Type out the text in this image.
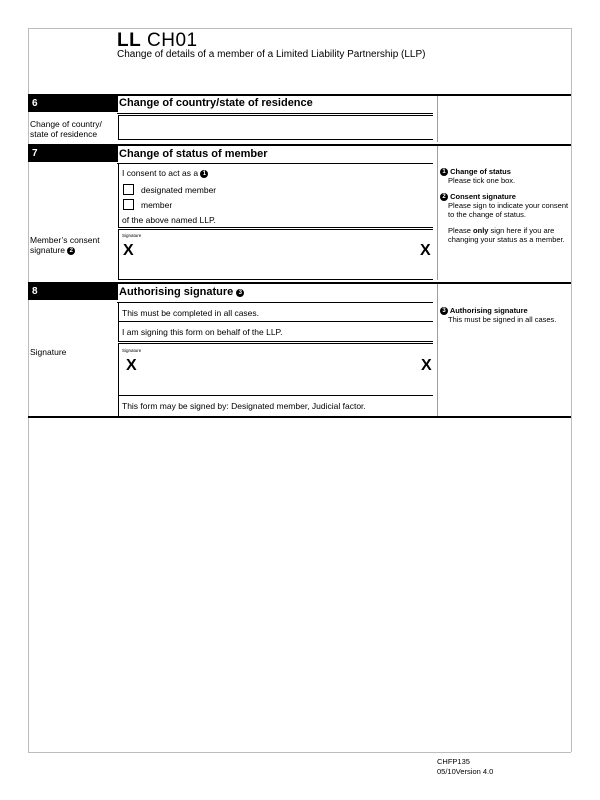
LL CH01
Change of details of a member of a Limited Liability Partnership (LLP)
6	Change of country/state of residence
Change of country/
state of residence
7	Change of status of member
I consent to act as a 1
designated member
member
of the above named LLP.
Member’s consent
signature 2
Signature
X	X
1 Change of status
Please tick one box.
2 Consent signature
Please sign to indicate your consent
to the change of status.
Please only sign here if you are
changing your status as a member.
8	Authorising signature 3
This must be completed in all cases.
I am signing this form on behalf of the LLP.
Signature	Signature
X	X
This form may be signed by: Designated member, Judicial factor.
3 Authorising signature
This must be signed in all cases.
CHFP135
05/10Version 4.0
